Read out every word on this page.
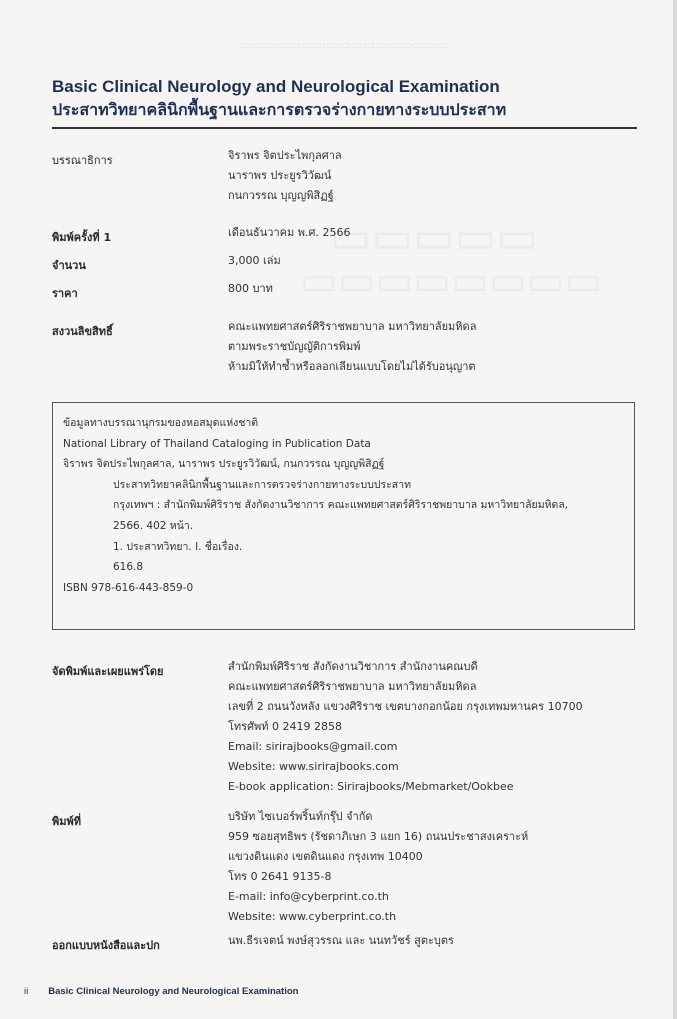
▭▭▭▭▭▭▭▭▭▭▭▭▭▭▭▭▭
▭▭▭▭▭
▭▭▭▭▭▭▭▭
Basic Clinical Neurology and Neurological Examination
ประสาทวิทยาคลินิกพื้นฐานและการตรวจร่างกายทางระบบประสาท
บรรณาธิการ	จิราพร จิตประไพกุลศาล
นาราพร ประยูรวิวัฒน์
กนกวรรณ บุญญพิสิฏฐ์
พิมพ์ครั้งที่ 1	เดือนธันวาคม พ.ศ. 2566
จำนวน	3,000 เล่ม
ราคา	800 บาท
สงวนลิขสิทธิ์	คณะแพทยศาสตร์ศิริราชพยาบาล มหาวิทยาลัยมหิดล
ตามพระราชบัญญัติการพิมพ์
ห้ามมิให้ทำซ้ำหรือลอกเลียนแบบโดยไม่ได้รับอนุญาต
ข้อมูลทางบรรณานุกรมของหอสมุดแห่งชาติ
National Library of Thailand Cataloging in Publication Data
จิราพร จิตประไพกุลศาล, นาราพร ประยูรวิวัฒน์, กนกวรรณ บุญญพิสิฏฐ์
ประสาทวิทยาคลินิกพื้นฐานและการตรวจร่างกายทางระบบประสาท
กรุงเทพฯ : สำนักพิมพ์ศิริราช สังกัดงานวิชาการ คณะแพทยศาสตร์ศิริราชพยาบาล มหาวิทยาลัยมหิดล,
2566. 402 หน้า.
1. ประสาทวิทยา. I. ชื่อเรื่อง.
616.8
ISBN 978-616-443-859-0
จัดพิมพ์และเผยแพร่โดย	สำนักพิมพ์ศิริราช สังกัดงานวิชาการ สำนักงานคณบดี
คณะแพทยศาสตร์ศิริราชพยาบาล มหาวิทยาลัยมหิดล
เลขที่ 2 ถนนวังหลัง แขวงศิริราช เขตบางกอกน้อย กรุงเทพมหานคร 10700
โทรศัพท์ 0 2419 2858
Email: sirirajbooks@gmail.com
Website: www.sirirajbooks.com
E-book application: Sirirajbooks/Mebmarket/Ookbee
พิมพ์ที่	บริษัท ไซเบอร์พริ้นท์กรุ๊ป จำกัด
959 ซอยสุทธิพร (รัชดาภิเษก 3 แยก 16) ถนนประชาสงเคราะห์
แขวงดินแดง เขตดินแดง กรุงเทพ 10400
โทร 0 2641 9135-8
E-mail: info@cyberprint.co.th
Website: www.cyberprint.co.th
ออกแบบหนังสือและปก	นพ.ธีรเจตน์ พงษ์สุวรรณ และ นนทวัชร์ สูตะบุตร
ii Basic Clinical Neurology and Neurological Examination
